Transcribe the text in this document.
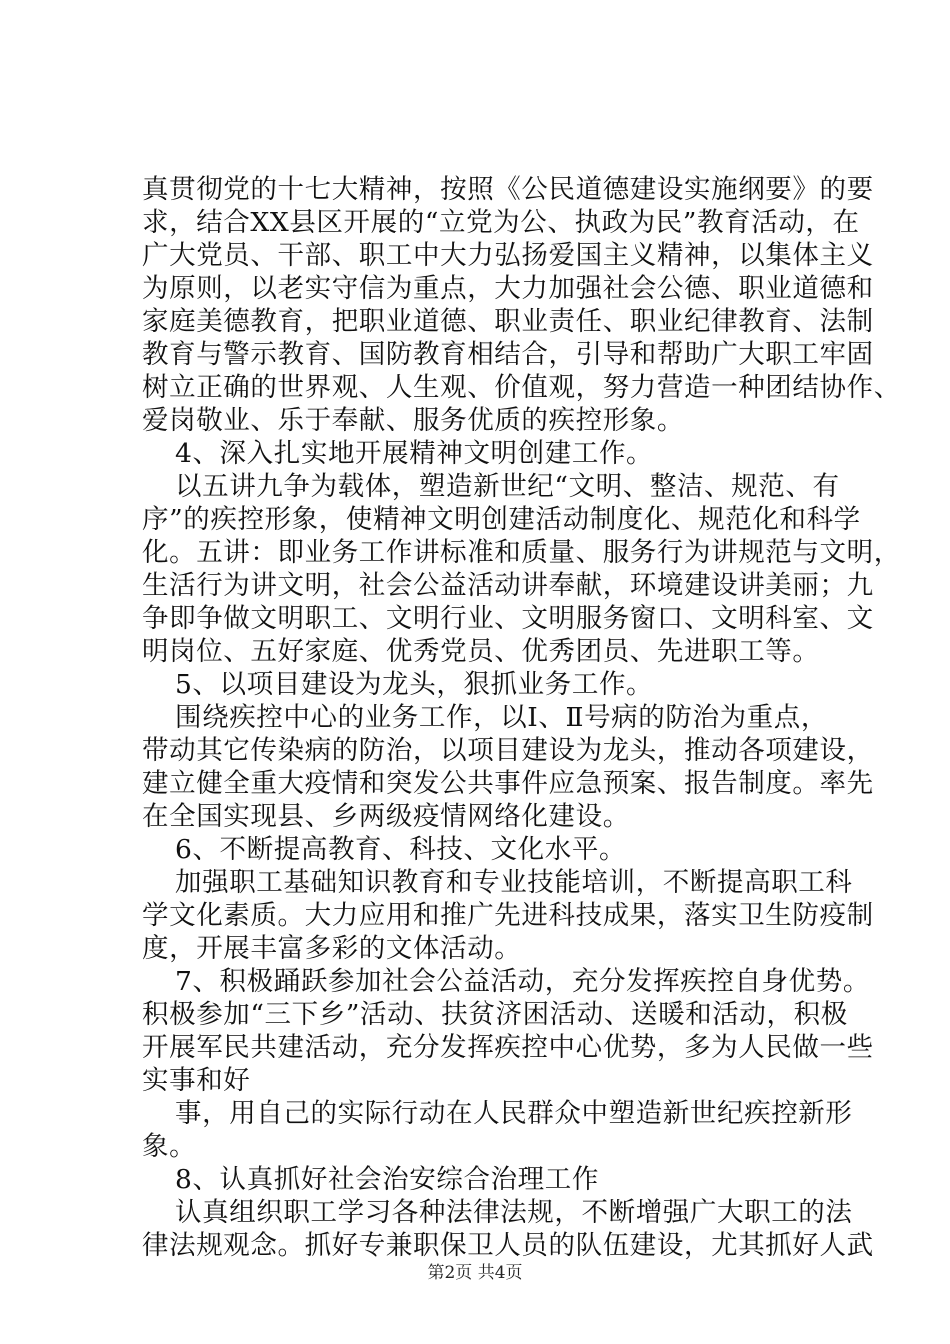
真贯彻党的十七大精神，按照《公民道德建设实施纲要》的要
求，结合XX县区开展的“立党为公、执政为民”教育活动，在
广大党员、干部、职工中大力弘扬爱国主义精神，以集体主义
为原则，以老实守信为重点，大力加强社会公德、职业道德和
家庭美德教育，把职业道德、职业责任、职业纪律教育、法制
教育与警示教育、国防教育相结合，引导和帮助广大职工牢固
树立正确的世界观、人生观、价值观，努力营造一种团结协作、
爱岗敬业、乐于奉献、服务优质的疾控形象。
4、深入扎实地开展精神文明创建工作。
以五讲九争为载体，塑造新世纪“文明、整洁、规范、有
序”的疾控形象，使精神文明创建活动制度化、规范化和科学
化。五讲：即业务工作讲标准和质量、服务行为讲规范与文明，
生活行为讲文明，社会公益活动讲奉献，环境建设讲美丽；九
争即争做文明职工、文明行业、文明服务窗口、文明科室、文
明岗位、五好家庭、优秀党员、优秀团员、先进职工等。
5、以项目建设为龙头，狠抓业务工作。
围绕疾控中心的业务工作，以Ⅰ、Ⅱ号病的防治为重点，
带动其它传染病的防治，以项目建设为龙头，推动各项建设，
建立健全重大疫情和突发公共事件应急预案、报告制度。率先
在全国实现县、乡两级疫情网络化建设。
6、不断提高教育、科技、文化水平。
加强职工基础知识教育和专业技能培训，不断提高职工科
学文化素质。大力应用和推广先进科技成果，落实卫生防疫制
度，开展丰富多彩的文体活动。
7、积极踊跃参加社会公益活动，充分发挥疾控自身优势。
积极参加“三下乡”活动、扶贫济困活动、送暖和活动，积极
开展军民共建活动，充分发挥疾控中心优势，多为人民做一些
实事和好
事，用自己的实际行动在人民群众中塑造新世纪疾控新形
象。
8、认真抓好社会治安综合治理工作
认真组织职工学习各种法律法规，不断增强广大职工的法
律法规观念。抓好专兼职保卫人员的队伍建设，尤其抓好人武
第2页 共4页
